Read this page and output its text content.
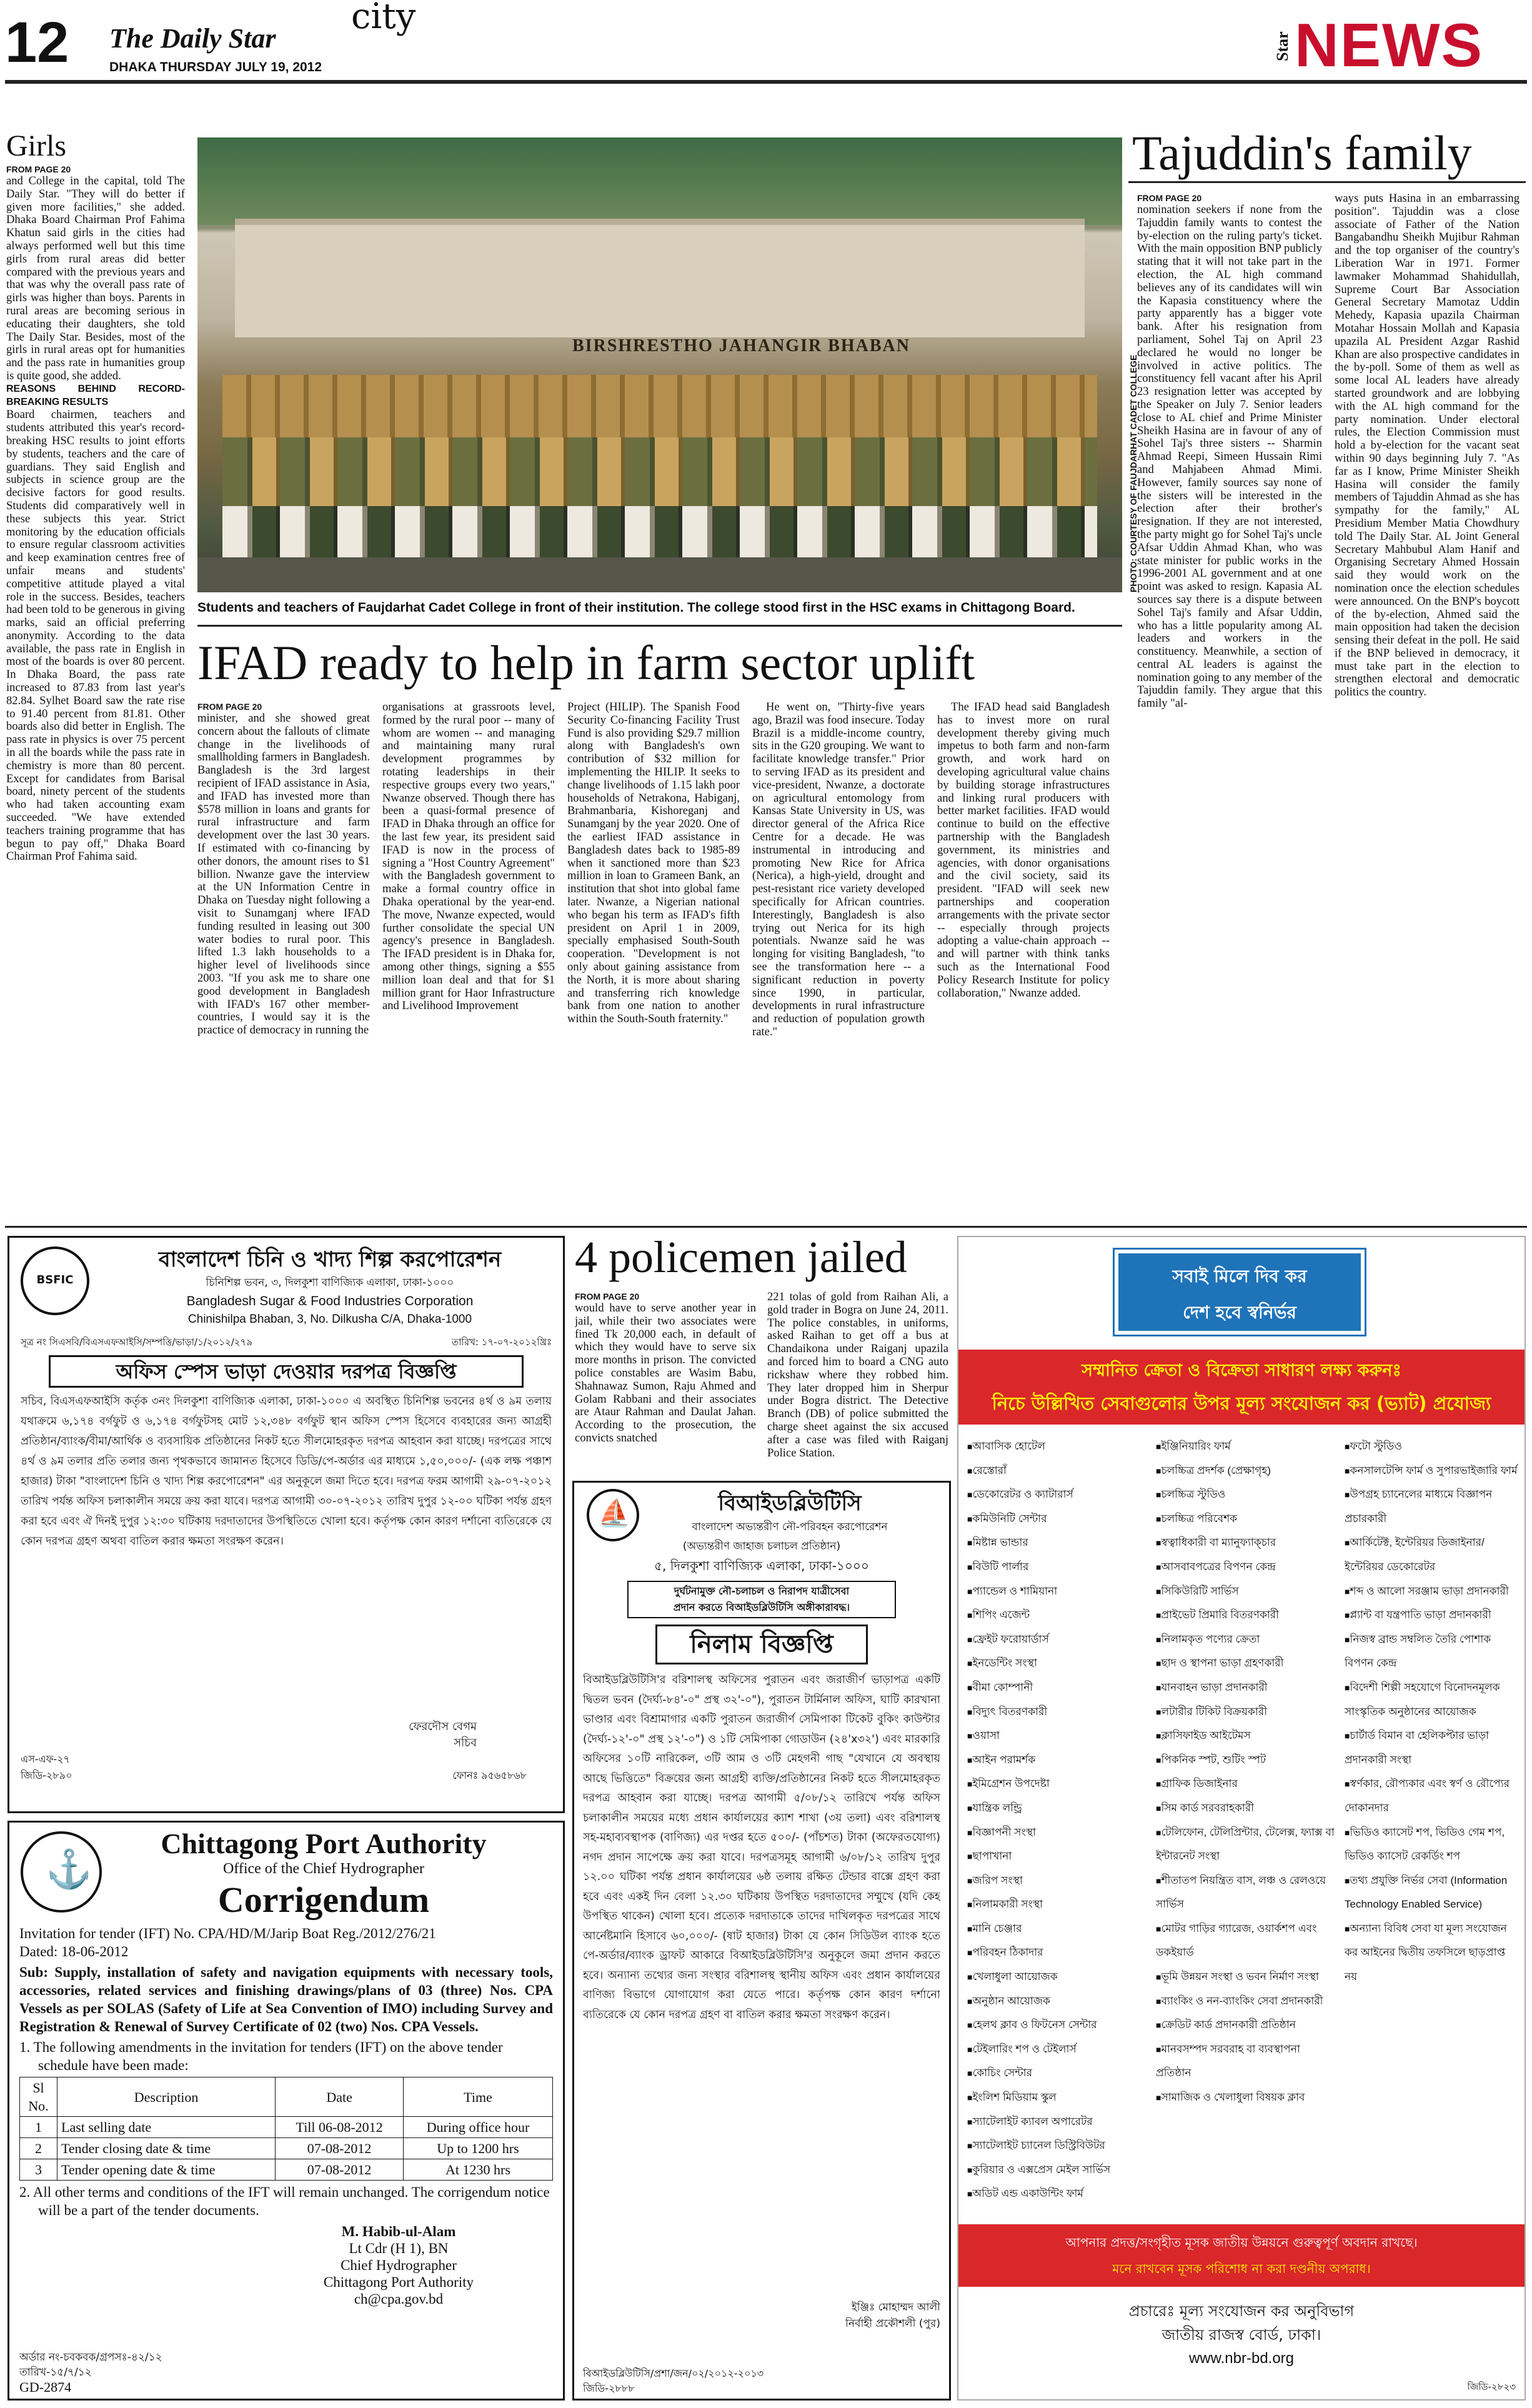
12 The Daily Star
DHAKA THURSDAY JULY 19, 2012
city
Star NEWS
Girls
FROM PAGE 20

and College in the capital, told The Daily Star. "They will do better if given more facilities," she added. Dhaka Board Chairman Prof Fahima Khatun said girls in the cities had always performed well but this time girls from rural areas did better compared with the previous years and that was why the overall pass rate of girls was higher than boys. Parents in rural areas are becoming serious in educating their daughters, she told The Daily Star. Besides, most of the girls in rural areas opt for humanities and the pass rate in humanities group is quite good, she added.

REASONS BEHIND RECORD-BREAKING RESULTS

Board chairmen, teachers and students attributed this year's record-breaking HSC results to joint efforts by students, teachers and the care of guardians. They said English and subjects in science group are the decisive factors for good results. Students did comparatively well in these subjects this year. Strict monitoring by the education officials to ensure regular classroom activities and keep examination centres free of unfair means and students' competitive attitude played a vital role in the success. Besides, teachers had been told to be generous in giving marks, said an official preferring anonymity. According to the data available, the pass rate in English in most of the boards is over 80 percent. In Dhaka Board, the pass rate increased to 87.83 from last year's 82.84. Sylhet Board saw the rate rise to 91.40 percent from 81.81. Other boards also did better in English. The pass rate in physics is over 75 percent in all the boards while the pass rate in chemistry is more than 80 percent. Except for candidates from Barisal board, ninety percent of the students who had taken accounting exam succeeded. "We have extended teachers training programme that has begun to pay off," Dhaka Board Chairman Prof Fahima said.

BIRSHRESTHO JAHANGIR BHABAN
PHOTO: COURTESY OF FAUJDARHAT CADET COLLEGE
Students and teachers of Faujdarhat Cadet College in front of their institution. The college stood first in the HSC exams in Chittagong Board.
IFAD ready to help in farm sector uplift
FROM PAGE 20

minister, and she showed great concern about the fallouts of climate change in the livelihoods of smallholding farmers in Bangladesh. Bangladesh is the 3rd largest recipient of IFAD assistance in Asia, and IFAD has invested more than $578 million in loans and grants for rural infrastructure and farm development over the last 30 years. If estimated with co-financing by other donors, the amount rises to $1 billion. Nwanze gave the interview at the UN Information Centre in Dhaka on Tuesday night following a visit to Sunamganj where IFAD funding resulted in leasing out 300 water bodies to rural poor. This lifted 1.3 lakh households to a higher level of livelihoods since 2003. "If you ask me to share one good development in Bangladesh with IFAD's 167 other member-countries, I would say it is the practice of democracy in running the

organisations at grassroots level, formed by the rural poor -- many of whom are women -- and managing and maintaining many rural development programmes by rotating leaderships in their respective groups every two years," Nwanze observed. Though there has been a quasi-formal presence of IFAD in Dhaka through an office for the last few year, its president said IFAD is now in the process of signing a "Host Country Agreement" with the Bangladesh government to make a formal country office in Dhaka operational by the year-end. The move, Nwanze expected, would further consolidate the special UN agency's presence in Bangladesh. The IFAD president is in Dhaka for, among other things, signing a $55 million loan deal and that for $1 million grant for Haor Infrastructure and Livelihood Improvement

Project (HILIP). The Spanish Food Security Co-financing Facility Trust Fund is also providing $29.7 million along with Bangladesh's own contribution of $32 million for implementing the HILIP. It seeks to change livelihoods of 1.15 lakh poor households of Netrakona, Habiganj, Brahmanbaria, Kishoreganj and Sunamganj by the year 2020. One of the earliest IFAD assistance in Bangladesh dates back to 1985-89 when it sanctioned more than $23 million in loan to Grameen Bank, an institution that shot into global fame later. Nwanze, a Nigerian national who began his term as IFAD's fifth president on April 1 in 2009, specially emphasised South-South cooperation. "Development is not only about gaining assistance from the North, it is more about sharing and transferring rich knowledge bank from one nation to another within the South-South fraternity."

He went on, "Thirty-five years ago, Brazil was food insecure. Today Brazil is a middle-income country, sits in the G20 grouping. We want to facilitate knowledge transfer." Prior to serving IFAD as its president and vice-president, Nwanze, a doctorate on agricultural entomology from Kansas State University in US, was director general of the Africa Rice Centre for a decade. He was instrumental in introducing and promoting New Rice for Africa (Nerica), a high-yield, drought and pest-resistant rice variety developed specifically for African countries. Interestingly, Bangladesh is also trying out Nerica for its high potentials. Nwanze said he was longing for visiting Bangladesh, "to see the transformation here -- a significant reduction in poverty since 1990, in particular, developments in rural infrastructure and reduction of population growth rate."

The IFAD head said Bangladesh has to invest more on rural development thereby giving much impetus to both farm and non-farm growth, and work hard on developing agricultural value chains by building storage infrastructures and linking rural producers with better market facilities. IFAD would continue to build on the effective partnership with the Bangladesh government, its ministries and agencies, with donor organisations and the civil society, said its president. "IFAD will seek new partnerships and cooperation arrangements with the private sector -- especially through projects adopting a value-chain approach -- and will partner with think tanks such as the International Food Policy Research Institute for policy collaboration," Nwanze added.

Tajuddin's family
FROM PAGE 20

nomination seekers if none from the Tajuddin family wants to contest the by-election on the ruling party's ticket. With the main opposition BNP publicly stating that it will not take part in the election, the AL high command believes any of its candidates will win the Kapasia constituency where the party apparently has a bigger vote bank. After his resignation from parliament, Sohel Taj on April 23 declared he would no longer be involved in active politics. The constituency fell vacant after his April 23 resignation letter was accepted by the Speaker on July 7. Senior leaders close to AL chief and Prime Minister Sheikh Hasina are in favour of any of Sohel Taj's three sisters -- Sharmin Ahmad Reepi, Simeen Hussain Rimi and Mahjabeen Ahmad Mimi. However, family sources say none of the sisters will be interested in the election after their brother's resignation. If they are not interested, the party might go for Sohel Taj's uncle Afsar Uddin Ahmad Khan, who was state minister for public works in the 1996-2001 AL government and at one point was asked to resign. Kapasia AL sources say there is a dispute between Sohel Taj's family and Afsar Uddin, who has a little popularity among AL leaders and workers in the constituency. Meanwhile, a section of central AL leaders is against the nomination going to any member of the Tajuddin family. They argue that this family "al-

ways puts Hasina in an embarrassing position". Tajuddin was a close associate of Father of the Nation Bangabandhu Sheikh Mujibur Rahman and the top organiser of the country's Liberation War in 1971. Former lawmaker Mohammad Shahidullah, Supreme Court Bar Association General Secretary Mamotaz Uddin Mehedy, Kapasia upazila Chairman Motahar Hossain Mollah and Kapasia upazila AL President Azgar Rashid Khan are also prospective candidates in the by-poll. Some of them as well as some local AL leaders have already started groundwork and are lobbying with the AL high command for the party nomination. Under electoral rules, the Election Commission must hold a by-election for the vacant seat within 90 days beginning July 7. "As far as I know, Prime Minister Sheikh Hasina will consider the family members of Tajuddin Ahmad as she has sympathy for the family," AL Presidium Member Matia Chowdhury told The Daily Star. AL Joint General Secretary Mahbubul Alam Hanif and Organising Secretary Ahmed Hossain said they would work on the nomination once the election schedules were announced. On the BNP's boycott of the by-election, Ahmed said the main opposition had taken the decision sensing their defeat in the poll. He said if the BNP believed in democracy, it must take part in the election to strengthen electoral and democratic politics the country.

BSFIC
বাংলাদেশ চিনি ও খাদ্য শিল্প করপোরেশন
চিনিশিল্প ভবন, ৩, দিলকুশা বাণিজ্যিক এলাকা, ঢাকা-১০০০
Bangladesh Sugar & Food Industries Corporation
Chinishilpa Bhaban, 3, No. Dilkusha C/A, Dhaka-1000
সূত্র নং সিএসবি/বিএসএফআইসি/সম্পত্তি/ভাড়া/১/২০১২/২৭৯	তারিখ: ১৭-০৭-২০১২খ্রিঃ
অফিস স্পেস ভাড়া দেওয়ার দরপত্র বিজ্ঞপ্তি
সচিব, বিএসএফআইসি কর্তৃক ৩নং দিলকুশা বাণিজ্যিক এলাকা, ঢাকা-১০০০ এ অবস্থিত চিনিশিল্প ভবনের ৪র্থ ও ৯ম তলায় যথাক্রমে ৬,১৭৪ বর্গফুট ও ৬,১৭৪ বর্গফুটসহ মোট ১২,৩৪৮ বর্গফুট স্থান অফিস স্পেস হিসেবে ব্যবহারের জন্য আগ্রহী প্রতিষ্ঠান/ব্যাংক/বীমা/আর্থিক ও ব্যবসায়িক প্রতিষ্ঠানের নিকট হতে সীলমোহরকৃত দরপত্র আহবান করা যাচ্ছে। দরপত্রের সাথে ৪র্থ ও ৯ম তলার প্রতি তলার জন্য পৃথকভাবে জামানত হিসেবে ডিডি/পে-অর্ডার এর মাধ্যমে ১,৫০,০০০/- (এক লক্ষ পঞ্চাশ হাজার) টাকা "বাংলাদেশ চিনি ও খাদ্য শিল্প করপোরেশন" এর অনুকূলে জমা দিতে হবে। দরপত্র ফরম আগামী ২৯-০৭-২০১২ তারিখ পর্যন্ত অফিস চলাকালীন সময়ে ক্রয় করা যাবে। দরপত্র আগামী ৩০-০৭-২০১২ তারিখ দুপুর ১২-০০ ঘটিকা পর্যন্ত গ্রহণ করা হবে এবং ঐ দিনই দুপুর ১২:৩০ ঘটিকায় দরদাতাদের উপস্থিতিতে খোলা হবে। কর্তৃপক্ষ কোন কারণ দর্শানো ব্যতিরেকে যে কোন দরপত্র গ্রহণ অথবা বাতিল করার ক্ষমতা সংরক্ষণ করেন।
ফেরদৌস বেগম
সচিব
এস-এফ-২৭
জিডি-২৮৯০	ফোনঃ ৯৫৬৫৮৬৮
⚓
Chittagong Port Authority
Office of the Chief Hydrographer
Corrigendum
Invitation for tender (IFT) No. CPA/HD/M/Jarip Boat Reg./2012/276/21
Dated: 18-06-2012
Sub: Supply, installation of safety and navigation equipments with necessary tools, accessories, related services and finishing drawings/plans of 03 (three) Nos. CPA Vessels as per SOLAS (Safety of Life at Sea Convention of IMO) including Survey and Registration & Renewal of Survey Certificate of 02 (two) Nos. CPA Vessels.
1. The following amendments in the invitation for tenders (IFT) on the above tender schedule have been made:
Sl No.	Description	Date	Time
1	Last selling date	Till 06-08-2012	During office hour
2	Tender closing date & time	07-08-2012	Up to 1200 hrs
3	Tender opening date & time	07-08-2012	At 1230 hrs
2. All other terms and conditions of the IFT will remain unchanged. The corrigendum notice will be a part of the tender documents.
M. Habib-ul-Alam
Lt Cdr (H 1), BN
Chief Hydrographer
Chittagong Port Authority
ch@cpa.gov.bd
অর্ডার নং-চবকবক/গ্রপসঃ-৪২/১২
তারিখ-১৫/৭/১২
GD-2874
4 policemen jailed
FROM PAGE 20

would have to serve another year in jail, while their two associates were fined Tk 20,000 each, in default of which they would have to serve six more months in prison. The convicted police constables are Wasim Babu, Shahnawaz Sumon, Raju Ahmed and Golam Rabbani and their associates are Ataur Rahman and Daulat Jahan. According to the prosecution, the convicts snatched

221 tolas of gold from Raihan Ali, a gold trader in Bogra on June 24, 2011. The police constables, in uniforms, asked Raihan to get off a bus at Chandaikona under Raiganj upazila and forced him to board a CNG auto rickshaw where they robbed him. They later dropped him in Sherpur under Bogra district. The Detective Branch (DB) of police submitted the charge sheet against the six accused after a case was filed with Raiganj Police Station.

⛵	বিআইডব্লিউটিসি
বাংলাদেশ অভ্যন্তরীণ নৌ-পরিবহন করপোরেশন
(অভ্যন্তরীণ জাহাজ চলাচল প্রতিষ্ঠান)
৫, দিলকুশা বাণিজ্যিক এলাকা, ঢাকা-১০০০
দুর্ঘটনামুক্ত নৌ-চলাচল ও নিরাপদ যাত্রীসেবা
প্রদান করতে বিআইডব্লিউটিসি অঙ্গীকারাবদ্ধ।
নিলাম বিজ্ঞপ্তি
বিআইডব্লিউটিসি'র বরিশালস্থ অফিসের পুরাতন এবং জরাজীর্ণ ভাড়াপত্র একটি দ্বিতল ভবন (দৈর্ঘ্য-৮৪'-০" প্রস্থ ৩২'-০"), পুরাতন টার্মিনাল অফিস, ঘাটি কারখানা ভাণ্ডার এবং বিশ্রামাগার একটি পুরাতন জরাজীর্ণ সেমিপাকা টিকেট বুকিং কাউন্টার (দৈর্ঘ্য-১২'-০" প্রস্থ ১২'-০") ও ১টি সেমিপাকা গোডাউন (২৪'x৩২') এবং মারকারি অফিসের ১০টি নারিকেল, ৩টি আম ও ৩টি মেহগনী গাছ "যেখানে যে অবস্থায় আছে ভিত্তিতে" বিক্রয়ের জন্য আগ্রহী ব্যক্তি/প্রতিষ্ঠানের নিকট হতে সীলমোহরকৃত দরপত্র আহবান করা যাচ্ছে। দরপত্র আগামী ৫/০৮/১২ তারিখে পর্যন্ত অফিস চলাকালীন সময়ের মধ্যে প্রধান কার্যালয়ের ক্যাশ শাখা (৩য় তলা) এবং বরিশালস্থ সহ-মহাব্যবস্থাপক (বাণিজ্য) এর দপ্তর হতে ৫০০/- (পাঁচশত) টাকা (অফেরতযোগ্য) নগদ প্রদান সাপেক্ষে ক্রয় করা যাবে। দরপত্রসমূহ আগামী ৬/০৮/১২ তারিখ দুপুর ১২.০০ ঘটিকা পর্যন্ত প্রধান কার্যালয়ের ৬ষ্ঠ তলায় রক্ষিত টেন্ডার বাক্সে গ্রহণ করা হবে এবং একই দিন বেলা ১২.৩০ ঘটিকায় উপস্থিত দরদাতাদের সম্মুখে (যদি কেহ উপস্থিত থাকেন) খোলা হবে। প্রত্যেক দরদাতাকে তাদের দাখিলকৃত দরপত্রের সাথে আর্নেষ্টমানি হিসাবে ৬০,০০০/- (ষাট হাজার) টাকা যে কোন সিডিউল ব্যাংক হতে পে-অর্ডার/ব্যাংক ড্রাফট আকারে বিআইডব্লিউটিসি'র অনুকূলে জমা প্রদান করতে হবে। অন্যান্য তথ্যের জন্য সংস্থার বরিশালস্থ স্থানীয় অফিস এবং প্রধান কার্যালয়ের বাণিজ্য বিভাগে যোগাযোগ করা যেতে পারে। কর্তৃপক্ষ কোন কারণ দর্শানো ব্যতিরেকে যে কোন দরপত্র গ্রহণ বা বাতিল করার ক্ষমতা সংরক্ষণ করেন।
ইঞ্জিঃ মোহাম্মদ আলী
নির্বাহী প্রকৌশলী (পুর)
বিআইডব্লিউটিসি/প্রশা/জন/০২/২০১২-২০১৩
জিডি-২৮৮৮
সবাই মিলে দিব কর
দেশ হবে স্বনির্ভর
সম্মানিত ক্রেতা ও বিক্রেতা সাধারণ লক্ষ্য করুনঃ
নিচে উল্লিখিত সেবাগুলোর উপর মূল্য সংযোজন কর (ভ্যাট) প্রযোজ্য
■ আবাসিক হোটেল
■ রেস্তোরাঁ
■ ডেকোরেটর ও ক্যাটারার্স
■ কমিউনিটি সেন্টার
■ মিষ্টান্ন ভান্ডার
■ বিউটি পার্লার
■ প্যান্ডেল ও শামিয়ানা
■ শিপিং এজেন্ট
■ ফ্রেইট ফরোয়ার্ডার্স
■ ইনডেন্টিং সংস্থা
■ বীমা কোম্পানী
■ বিদ্যুৎ বিতরণকারী
■ ওয়াসা
■ আইন পরামর্শক
■ ইমিগ্রেশন উপদেষ্টা
■ যান্ত্রিক লন্ড্রি
■ বিজ্ঞাপনী সংস্থা
■ ছাপাখানা
■ জরিপ সংস্থা
■ নিলামকারী সংস্থা
■ মানি চেঞ্জার
■ পরিবহন ঠিকাদার
■ খেলাধুলা আয়োজক
■ অনুষ্ঠান আয়োজক
■ হেলথ ক্লাব ও ফিটনেস সেন্টার
■ টেইলারিং শপ ও টেইলার্স
■ কোচিং সেন্টার
■ ইংলিশ মিডিয়াম স্কুল
■ স্যাটেলাইট ক্যাবল অপারেটর
■ স্যাটেলাইট চ্যানেল ডিস্ট্রিবিউটর
■ কুরিয়ার ও এক্সপ্রেস মেইল সার্ভিস
■ অডিট এন্ড একাউন্টিং ফার্ম
■ ইঞ্জিনিয়ারিং ফার্ম
■ চলচ্চিত্র প্রদর্শক (প্রেক্ষাগৃহ)
■ চলচ্চিত্র স্টুডিও
■ চলচ্চিত্র পরিবেশক
■ স্বত্বাধিকারী বা ম্যানুফ্যাক্চার
■ আসবাবপত্রের বিপণন কেন্দ্র
■ সিকিউরিটি সার্ভিস
■ প্রাইভেট প্রিমারি বিতরণকারী
■ নিলামকৃত পণ্যের ক্রেতা
■ ছাদ ও স্থাপনা ভাড়া গ্রহণকারী
■ যানবাহন ভাড়া প্রদানকারী
■ লটারীর টিকিট বিক্রয়কারী
■ ক্লাসিফাইড আইটেমস
■ পিকনিক স্পট, শুটিং স্পট
■ গ্রাফিক ডিজাইনার
■ সিম কার্ড সরবরাহকারী
■ টেলিফোন, টেলিপ্রিন্টার, টেলেক্স, ফ্যাক্স বা ইন্টারনেট সংস্থা
■ শীতাতপ নিয়ন্ত্রিত বাস, লঞ্চ ও রেলওয়ে সার্ভিস
■ মোটর গাড়ির গ্যারেজ, ওয়ার্কশপ এবং ডকইয়ার্ড
■ ভূমি উন্নয়ন সংস্থা ও ভবন নির্মাণ সংস্থা
■ ব্যাংকিং ও নন-ব্যাংকিং সেবা প্রদানকারী
■ ক্রেডিট কার্ড প্রদানকারী প্রতিষ্ঠান
■ মানবসম্পদ সরবরাহ বা ব্যবস্থাপনা প্রতিষ্ঠান
■ সামাজিক ও খেলাধুলা বিষয়ক ক্লাব
■ ফটো স্টুডিও
■ কনসালটেন্সি ফার্ম ও সুপারভাইজারি ফার্ম
■ উপগ্রহ চ্যানেলের মাধ্যমে বিজ্ঞাপন প্রচারকারী
■ আর্কিটেক্ট, ইন্টেরিয়র ডিজাইনার/ইন্টেরিয়র ডেকোরেটর
■ শব্দ ও আলো সরঞ্জাম ভাড়া প্রদানকারী
■ প্ল্যান্ট বা যন্ত্রপাতি ভাড়া প্রদানকারী
■ নিজস্ব ব্রান্ড সম্বলিত তৈরি পোশাক বিপণন কেন্দ্র
■ বিদেশী শিল্পী সহযোগে বিনোদনমূলক সাংস্কৃতিক অনুষ্ঠানের আয়োজক
■ চার্টার্ড বিমান বা হেলিকপ্টার ভাড়া প্রদানকারী সংস্থা
■ স্বর্ণকার, রৌপ্যকার এবং স্বর্ণ ও রৌপ্যের দোকানদার
■ ভিডিও ক্যাসেট শপ, ভিডিও গেম শপ, ভিডিও ক্যাসেট রেকর্ডিং শপ
■ তথ্য প্রযুক্তি নির্ভর সেবা (Information Technology Enabled Service)
■ অন্যান্য বিবিধ সেবা যা মূল্য সংযোজন কর আইনের দ্বিতীয় তফসিলে ছাড়প্রাপ্ত নয়
আপনার প্রদত্ত/সংগৃহীত মূসক জাতীয় উন্নয়নে গুরুত্বপূর্ণ অবদান রাখছে।
মনে রাখবেন মূসক পরিশোধ না করা দণ্ডনীয় অপরাধ।
প্রচারেঃ মূল্য সংযোজন কর অনুবিভাগ
জাতীয় রাজস্ব বোর্ড, ঢাকা।
www.nbr-bd.org
জিডি-২৮২৩
